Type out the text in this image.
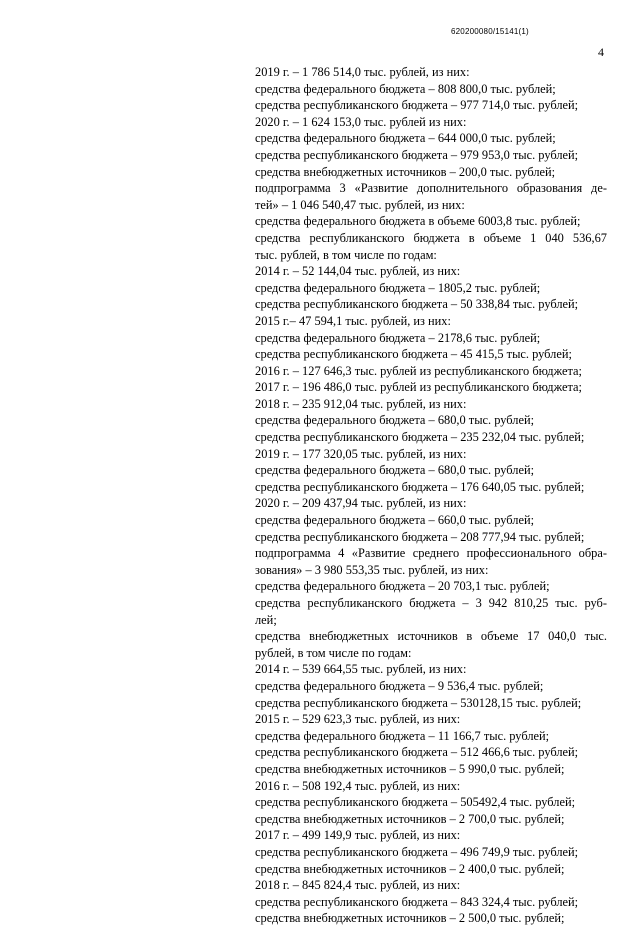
620200080/15141(1)
4
2019 г. – 1 786 514,0 тыс. рублей, из них:
средства федерального бюджета – 808 800,0 тыс. рублей;
средства республиканского бюджета – 977 714,0 тыс. рублей;
2020 г. – 1 624 153,0 тыс. рублей из них:
средства федерального бюджета – 644 000,0 тыс. рублей;
средства республиканского бюджета – 979 953,0 тыс. рублей;
средства внебюджетных источников – 200,0 тыс. рублей;
подпрограмма 3 «Развитие дополнительного образования де-
тей» – 1 046 540,47 тыс. рублей, из них:
средства федерального бюджета в объеме 6003,8 тыс. рублей;
средства республиканского бюджета в объеме 1 040 536,67
тыс. рублей, в том числе по годам:
2014 г. – 52 144,04 тыс. рублей, из них:
средства федерального бюджета – 1805,2 тыс. рублей;
средства республиканского бюджета – 50 338,84 тыс. рублей;
2015 г.– 47 594,1 тыс. рублей, из них:
средства федерального бюджета – 2178,6 тыс. рублей;
средства республиканского бюджета – 45 415,5 тыс. рублей;
2016 г. – 127 646,3 тыс. рублей из республиканского бюджета;
2017 г. – 196 486,0 тыс. рублей из республиканского бюджета;
2018 г. – 235 912,04 тыс. рублей, из них:
средства федерального бюджета – 680,0 тыс. рублей;
средства республиканского бюджета – 235 232,04 тыс. рублей;
2019 г. – 177 320,05 тыс. рублей, из них:
средства федерального бюджета – 680,0 тыс. рублей;
средства республиканского бюджета – 176 640,05 тыс. рублей;
2020 г. – 209 437,94 тыс. рублей, из них:
средства федерального бюджета – 660,0 тыс. рублей;
средства республиканского бюджета – 208 777,94 тыс. рублей;
подпрограмма 4 «Развитие среднего профессионального обра-
зования» – 3 980 553,35 тыс. рублей, из них:
средства федерального бюджета – 20 703,1 тыс. рублей;
средства республиканского бюджета – 3 942 810,25 тыс. руб-
лей;
средства внебюджетных источников в объеме 17 040,0 тыс.
рублей, в том числе по годам:
2014 г. – 539 664,55 тыс. рублей, из них:
средства федерального бюджета – 9 536,4 тыс. рублей;
средства республиканского бюджета – 530128,15 тыс. рублей;
2015 г. – 529 623,3 тыс. рублей, из них:
средства федерального бюджета – 11 166,7 тыс. рублей;
средства республиканского бюджета – 512 466,6 тыс. рублей;
средства внебюджетных источников – 5 990,0 тыс. рублей;
2016 г. – 508 192,4 тыс. рублей, из них:
средства республиканского бюджета – 505492,4 тыс. рублей;
средства внебюджетных источников – 2 700,0 тыс. рублей;
2017 г. – 499 149,9 тыс. рублей, из них:
средства республиканского бюджета – 496 749,9 тыс. рублей;
средства внебюджетных источников – 2 400,0 тыс. рублей;
2018 г. – 845 824,4 тыс. рублей, из них:
средства республиканского бюджета – 843 324,4 тыс. рублей;
средства внебюджетных источников – 2 500,0 тыс. рублей;
